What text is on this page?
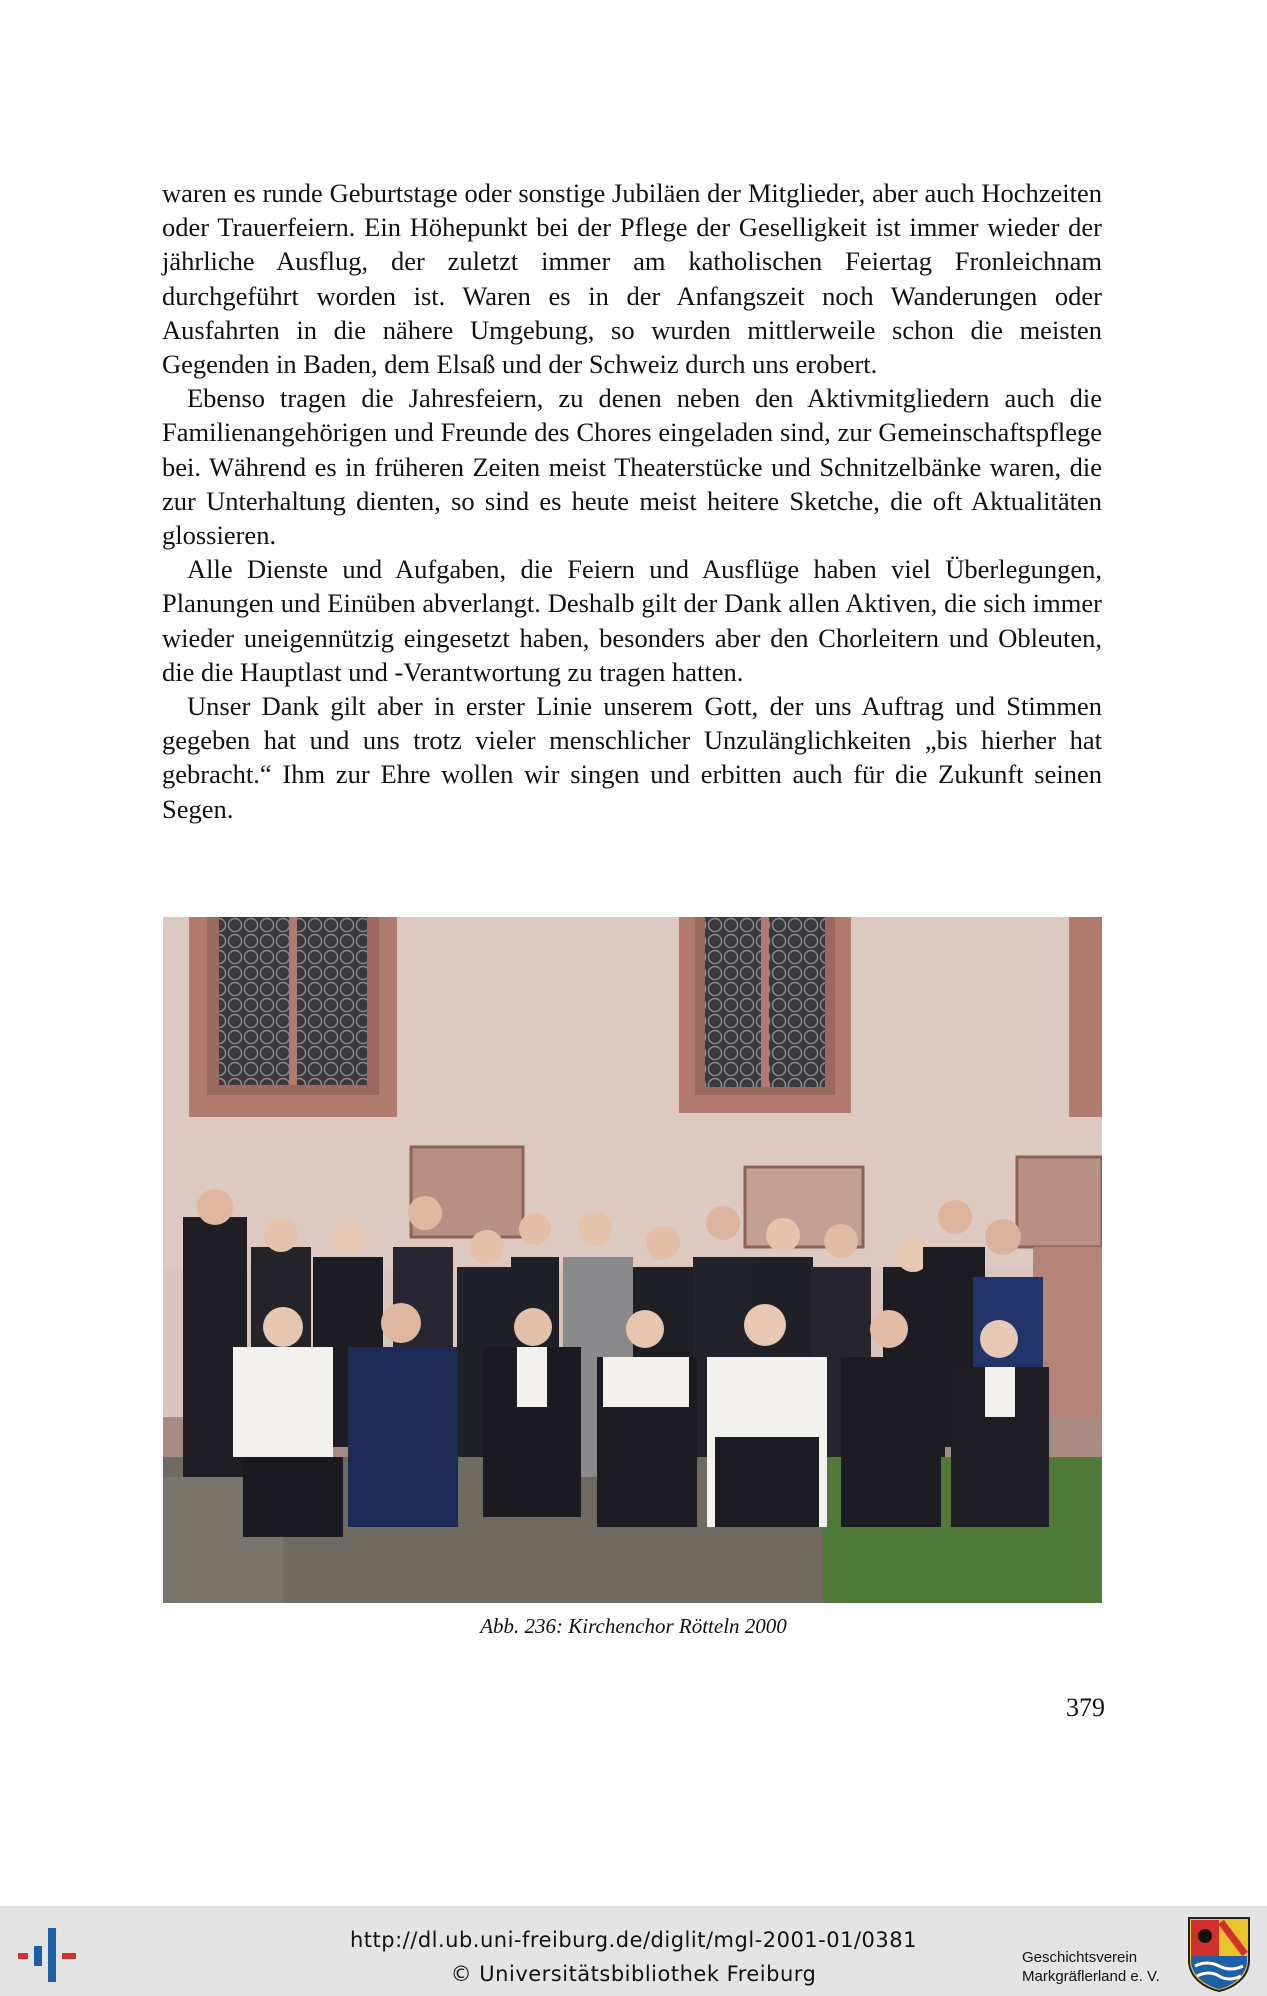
waren es runde Geburtstage oder sonstige Jubiläen der Mitglieder, aber auch Hochzeiten oder Trauerfeiern. Ein Höhepunkt bei der Pflege der Geselligkeit ist immer wieder der jährliche Ausflug, der zuletzt immer am katholischen Feiertag Fronleichnam durchgeführt worden ist. Waren es in der Anfangszeit noch Wanderungen oder Ausfahrten in die nähere Umgebung, so wurden mittlerweile schon die meisten Gegenden in Baden, dem Elsaß und der Schweiz durch uns erobert.

Ebenso tragen die Jahresfeiern, zu denen neben den Aktivmitgliedern auch die Familienangehörigen und Freunde des Chores eingeladen sind, zur Gemeinschaftspflege bei. Während es in früheren Zeiten meist Theaterstücke und Schnitzelbänke waren, die zur Unterhaltung dienten, so sind es heute meist heitere Sketche, die oft Aktualitäten glossieren.

Alle Dienste und Aufgaben, die Feiern und Ausflüge haben viel Überlegungen, Planungen und Einüben abverlangt. Deshalb gilt der Dank allen Aktiven, die sich immer wieder uneigennützig eingesetzt haben, besonders aber den Chorleitern und Obleuten, die die Hauptlast und -Verantwortung zu tragen hatten.

Unser Dank gilt aber in erster Linie unserem Gott, der uns Auftrag und Stimmen gegeben hat und uns trotz vieler menschlicher Unzulänglichkeiten „bis hierher hat gebracht.“ Ihm zur Ehre wollen wir singen und erbitten auch für die Zukunft seinen Segen.

Abb. 236: Kirchenchor Rötteln 2000
379
http://dl.ub.uni-freiburg.de/diglit/mgl-2001-01/0381
© Universitätsbibliothek Freiburg
Geschichtsverein
Markgräflerland e. V.
